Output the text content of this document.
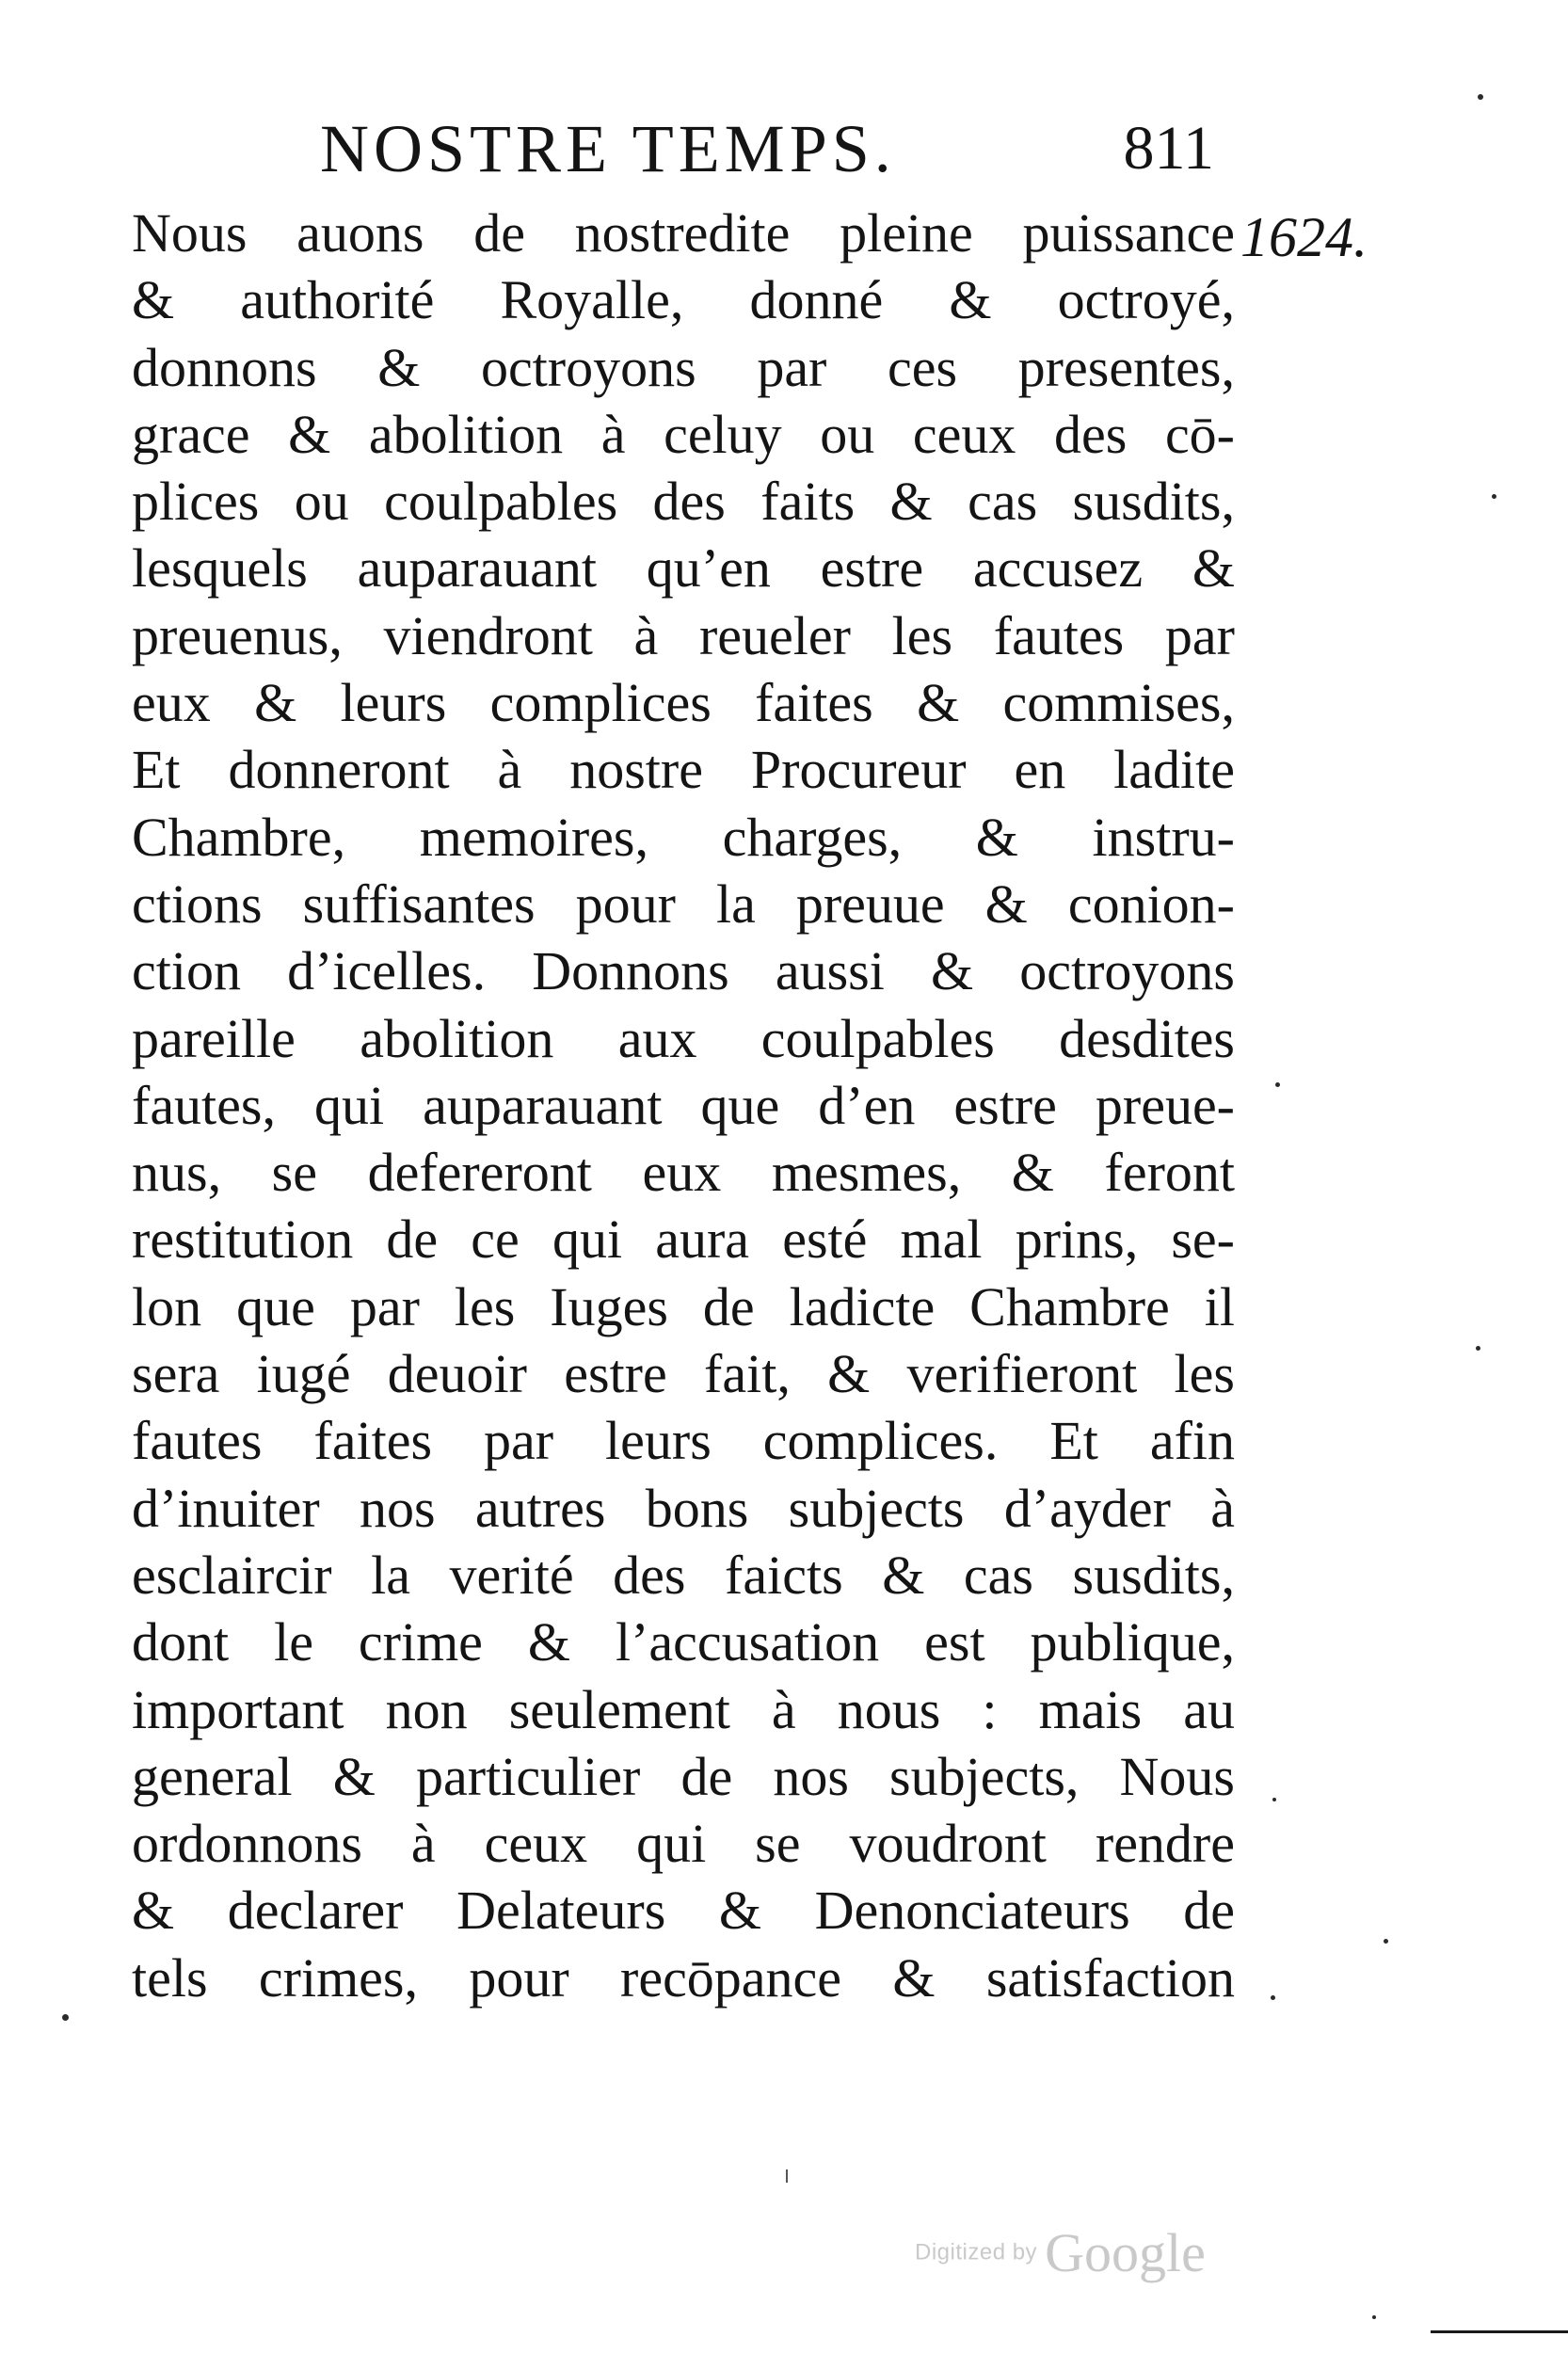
NOSTRE TEMPS.	811
1624.
Nous auons de nostredite pleine puissance
& authorité Royalle, donné & octroyé,
donnons & octroyons par ces presentes,
grace & abolition à celuy ou ceux des cō-
plices ou coulpables des faits & cas susdits,
lesquels auparauant qu’en estre accusez &
preuenus, viendront à reueler les fautes par
eux & leurs complices faites & commises,
Et donneront à nostre Procureur en ladite
Chambre, memoires, charges, & instru-
ctions suffisantes pour la preuue & conion-
ction d’icelles. Donnons aussi & octroyons
pareille abolition aux coulpables desdites
fautes, qui auparauant que d’en estre preue-
nus, se defereront eux mesmes, & feront
restitution de ce qui aura esté mal prins, se-
lon que par les Iuges de ladicte Chambre il
sera iugé deuoir estre fait, & verifieront les
fautes faites par leurs complices. Et afin
d’inuiter nos autres bons subjects d’ayder à
esclaircir la verité des faicts & cas susdits,
dont le crime & l’accusation est publique,
important non seulement à nous : mais au
general & particulier de nos subjects, Nous
ordonnons à ceux qui se voudront rendre
& declarer Delateurs & Denonciateurs de
tels crimes, pour recōpance & satisfaction
Digitized by Google
